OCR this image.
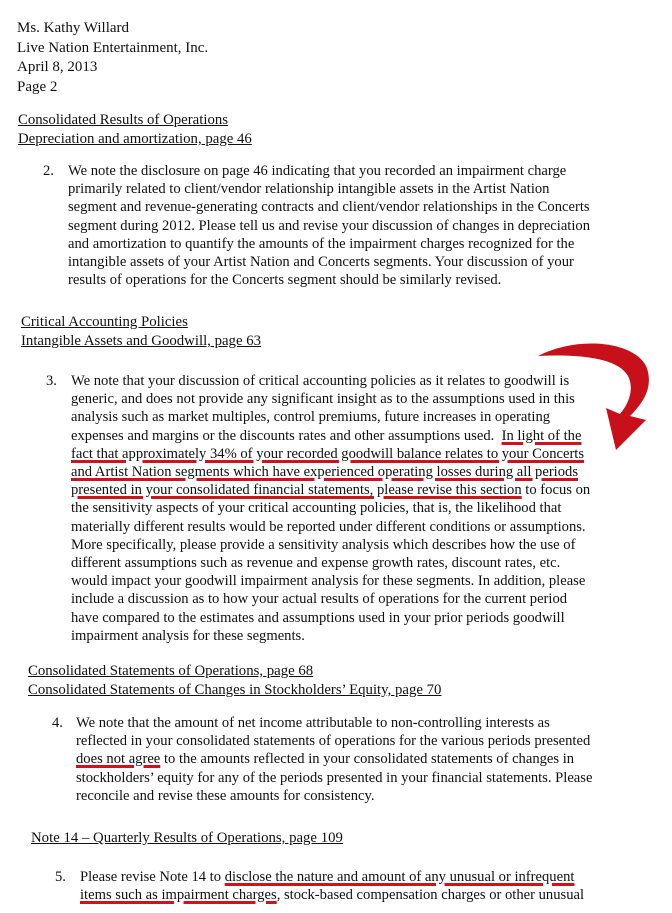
Ms. Kathy Willard
Live Nation Entertainment, Inc.
April 8, 2013
Page 2
Consolidated Results of Operations
Depreciation and amortization, page 46
2. We note the disclosure on page 46 indicating that you recorded an impairment charge
primarily related to client/vendor relationship intangible assets in the Artist Nation
segment and revenue-generating contracts and client/vendor relationships in the Concerts
segment during 2012. Please tell us and revise your discussion of changes in depreciation
and amortization to quantify the amounts of the impairment charges recognized for the
intangible assets of your Artist Nation and Concerts segments. Your discussion of your
results of operations for the Concerts segment should be similarly revised.
Critical Accounting Policies
Intangible Assets and Goodwill, page 63
3. We note that your discussion of critical accounting policies as it relates to goodwill is
generic, and does not provide any significant insight as to the assumptions used in this
analysis such as market multiples, control premiums, future increases in operating
expenses and margins or the discounts rates and other assumptions used. In light of the
fact that approximately 34% of your recorded goodwill balance relates to your Concerts
and Artist Nation segments which have experienced operating losses during all periods
presented in your consolidated financial statements, please revise this section to focus on
the sensitivity aspects of your critical accounting policies, that is, the likelihood that
materially different results would be reported under different conditions or assumptions.
More specifically, please provide a sensitivity analysis which describes how the use of
different assumptions such as revenue and expense growth rates, discount rates, etc.
would impact your goodwill impairment analysis for these segments. In addition, please
include a discussion as to how your actual results of operations for the current period
have compared to the estimates and assumptions used in your prior periods goodwill
impairment analysis for these segments.
Consolidated Statements of Operations, page 68
Consolidated Statements of Changes in Stockholders’ Equity, page 70
4. We note that the amount of net income attributable to non-controlling interests as
reflected in your consolidated statements of operations for the various periods presented
does not agree to the amounts reflected in your consolidated statements of changes in
stockholders’ equity for any of the periods presented in your financial statements. Please
reconcile and revise these amounts for consistency.
Note 14 – Quarterly Results of Operations, page 109
5. Please revise Note 14 to disclose the nature and amount of any unusual or infrequent
items such as impairment charges, stock-based compensation charges or other unusual
